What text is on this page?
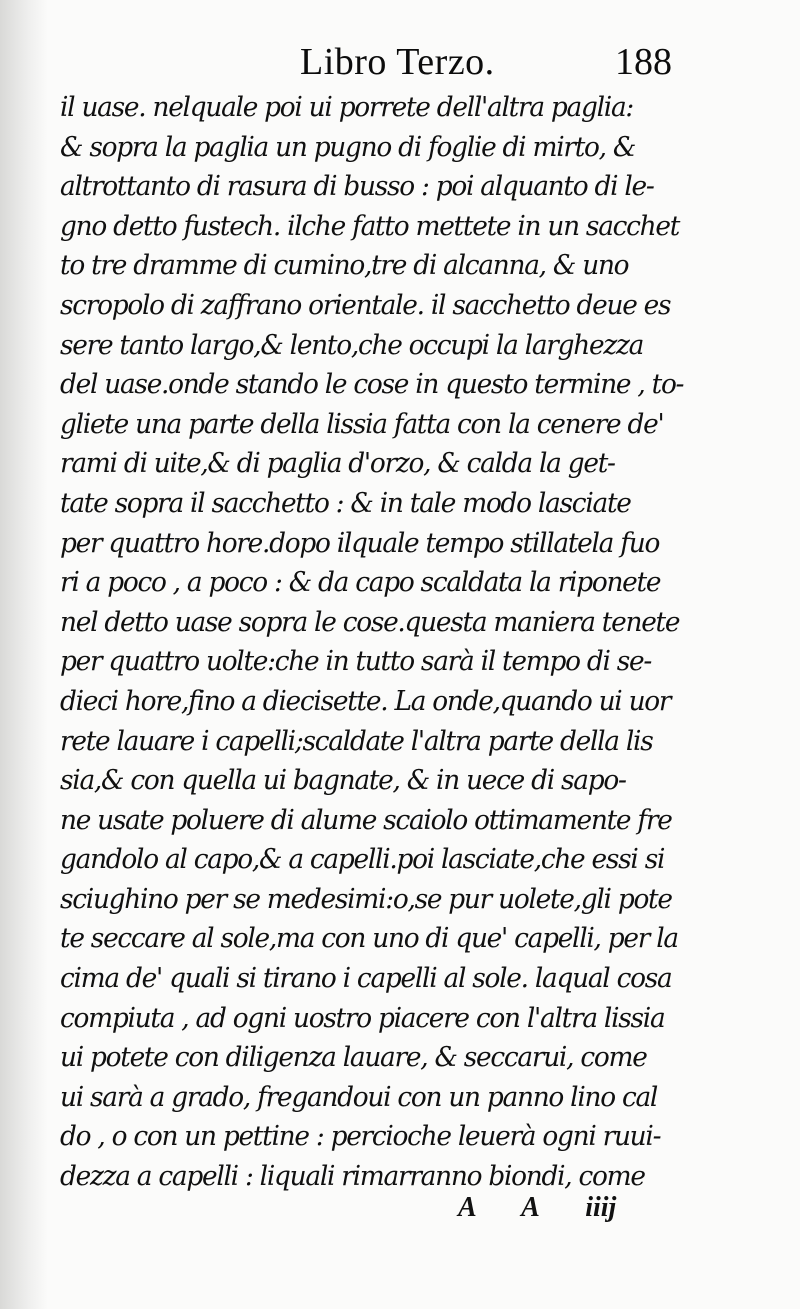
Libro Terzo.	188
il uase. nelquale poi ui porrete dell'altra paglia:
& sopra la paglia un pugno di foglie di mirto, &
altrottanto di rasura di busso : poi alquanto di le-
gno detto fustech. ilche fatto mettete in un sacchet
to tre dramme di cumino,tre di alcanna, & uno
scropolo di zaffrano orientale. il sacchetto deue es
sere tanto largo,& lento,che occupi la larghezza
del uase.onde stando le cose in questo termine , to-
gliete una parte della lissia fatta con la cenere de'
rami di uite,& di paglia d'orzo, & calda la get-
tate sopra il sacchetto : & in tale modo lasciate
per quattro hore.dopo ilquale tempo stillatela fuo
ri a poco , a poco : & da capo scaldata la riponete
nel detto uase sopra le cose.questa maniera tenete
per quattro uolte:che in tutto sarà il tempo di se-
dieci hore,fino a diecisette. La onde,quando ui uor
rete lauare i capelli;scaldate l'altra parte della lis
sia,& con quella ui bagnate, & in uece di sapo-
ne usate poluere di alume scaiolo ottimamente fre
gandolo al capo,& a capelli.poi lasciate,che essi si
sciughino per se medesimi:o,se pur uolete,gli pote
te seccare al sole,ma con uno di que' capelli, per la
cima de' quali si tirano i capelli al sole. laqual cosa
compiuta , ad ogni uostro piacere con l'altra lissia
ui potete con diligenza lauare, & seccarui, come
ui sarà a grado, fregandoui con un panno lino cal
do , o con un pettine : percioche leuerà ogni ruui-
dezza a capelli : liquali rimarranno biondi, come
A A iiij
